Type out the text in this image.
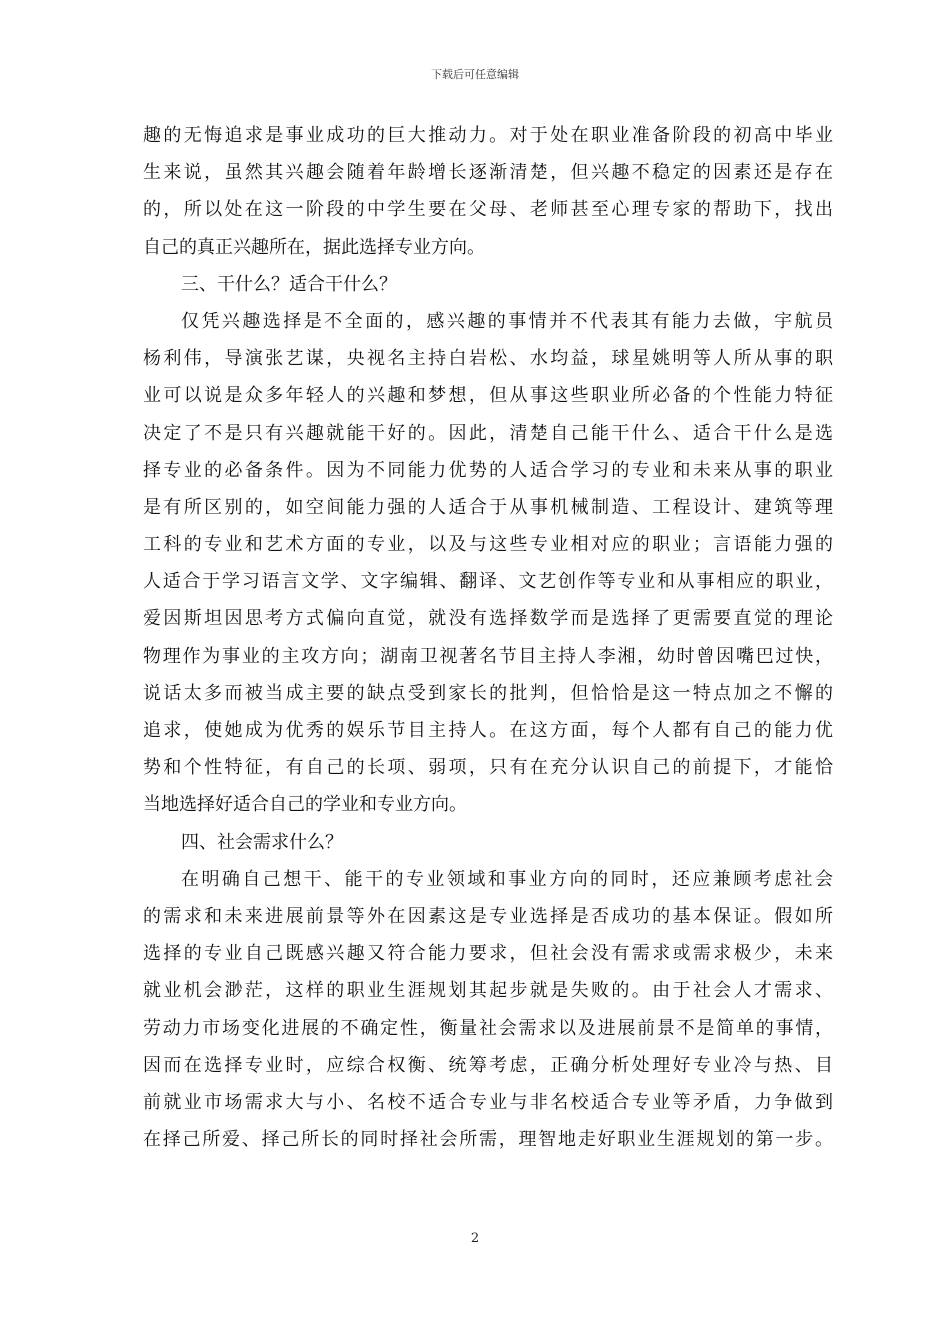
下载后可任意编辑
趣的无悔追求是事业成功的巨大推动力。对于处在职业准备阶段的初高中毕业
生来说，虽然其兴趣会随着年龄增长逐渐清楚，但兴趣不稳定的因素还是存在
的，所以处在这一阶段的中学生要在父母、老师甚至心理专家的帮助下，找出
自己的真正兴趣所在，据此选择专业方向。
三、干什么？适合干什么？
仅凭兴趣选择是不全面的，感兴趣的事情并不代表其有能力去做，宇航员
杨利伟，导演张艺谋，央视名主持白岩松、水均益，球星姚明等人所从事的职
业可以说是众多年轻人的兴趣和梦想，但从事这些职业所必备的个性能力特征
决定了不是只有兴趣就能干好的。因此，清楚自己能干什么、适合干什么是选
择专业的必备条件。因为不同能力优势的人适合学习的专业和未来从事的职业
是有所区别的，如空间能力强的人适合于从事机械制造、工程设计、建筑等理
工科的专业和艺术方面的专业，以及与这些专业相对应的职业；言语能力强的
人适合于学习语言文学、文字编辑、翻译、文艺创作等专业和从事相应的职业，
爱因斯坦因思考方式偏向直觉，就没有选择数学而是选择了更需要直觉的理论
物理作为事业的主攻方向；湖南卫视著名节目主持人李湘，幼时曾因嘴巴过快，
说话太多而被当成主要的缺点受到家长的批判，但恰恰是这一特点加之不懈的
追求，使她成为优秀的娱乐节目主持人。在这方面，每个人都有自己的能力优
势和个性特征，有自己的长项、弱项，只有在充分认识自己的前提下，才能恰
当地选择好适合自己的学业和专业方向。
四、社会需求什么？
在明确自己想干、能干的专业领域和事业方向的同时，还应兼顾考虑社会
的需求和未来进展前景等外在因素这是专业选择是否成功的基本保证。假如所
选择的专业自己既感兴趣又符合能力要求，但社会没有需求或需求极少，未来
就业机会渺茫，这样的职业生涯规划其起步就是失败的。由于社会人才需求、
劳动力市场变化进展的不确定性，衡量社会需求以及进展前景不是简单的事情，
因而在选择专业时，应综合权衡、统筹考虑，正确分析处理好专业冷与热、目
前就业市场需求大与小、名校不适合专业与非名校适合专业等矛盾，力争做到
在择己所爱、择己所长的同时择社会所需，理智地走好职业生涯规划的第一步。
2
